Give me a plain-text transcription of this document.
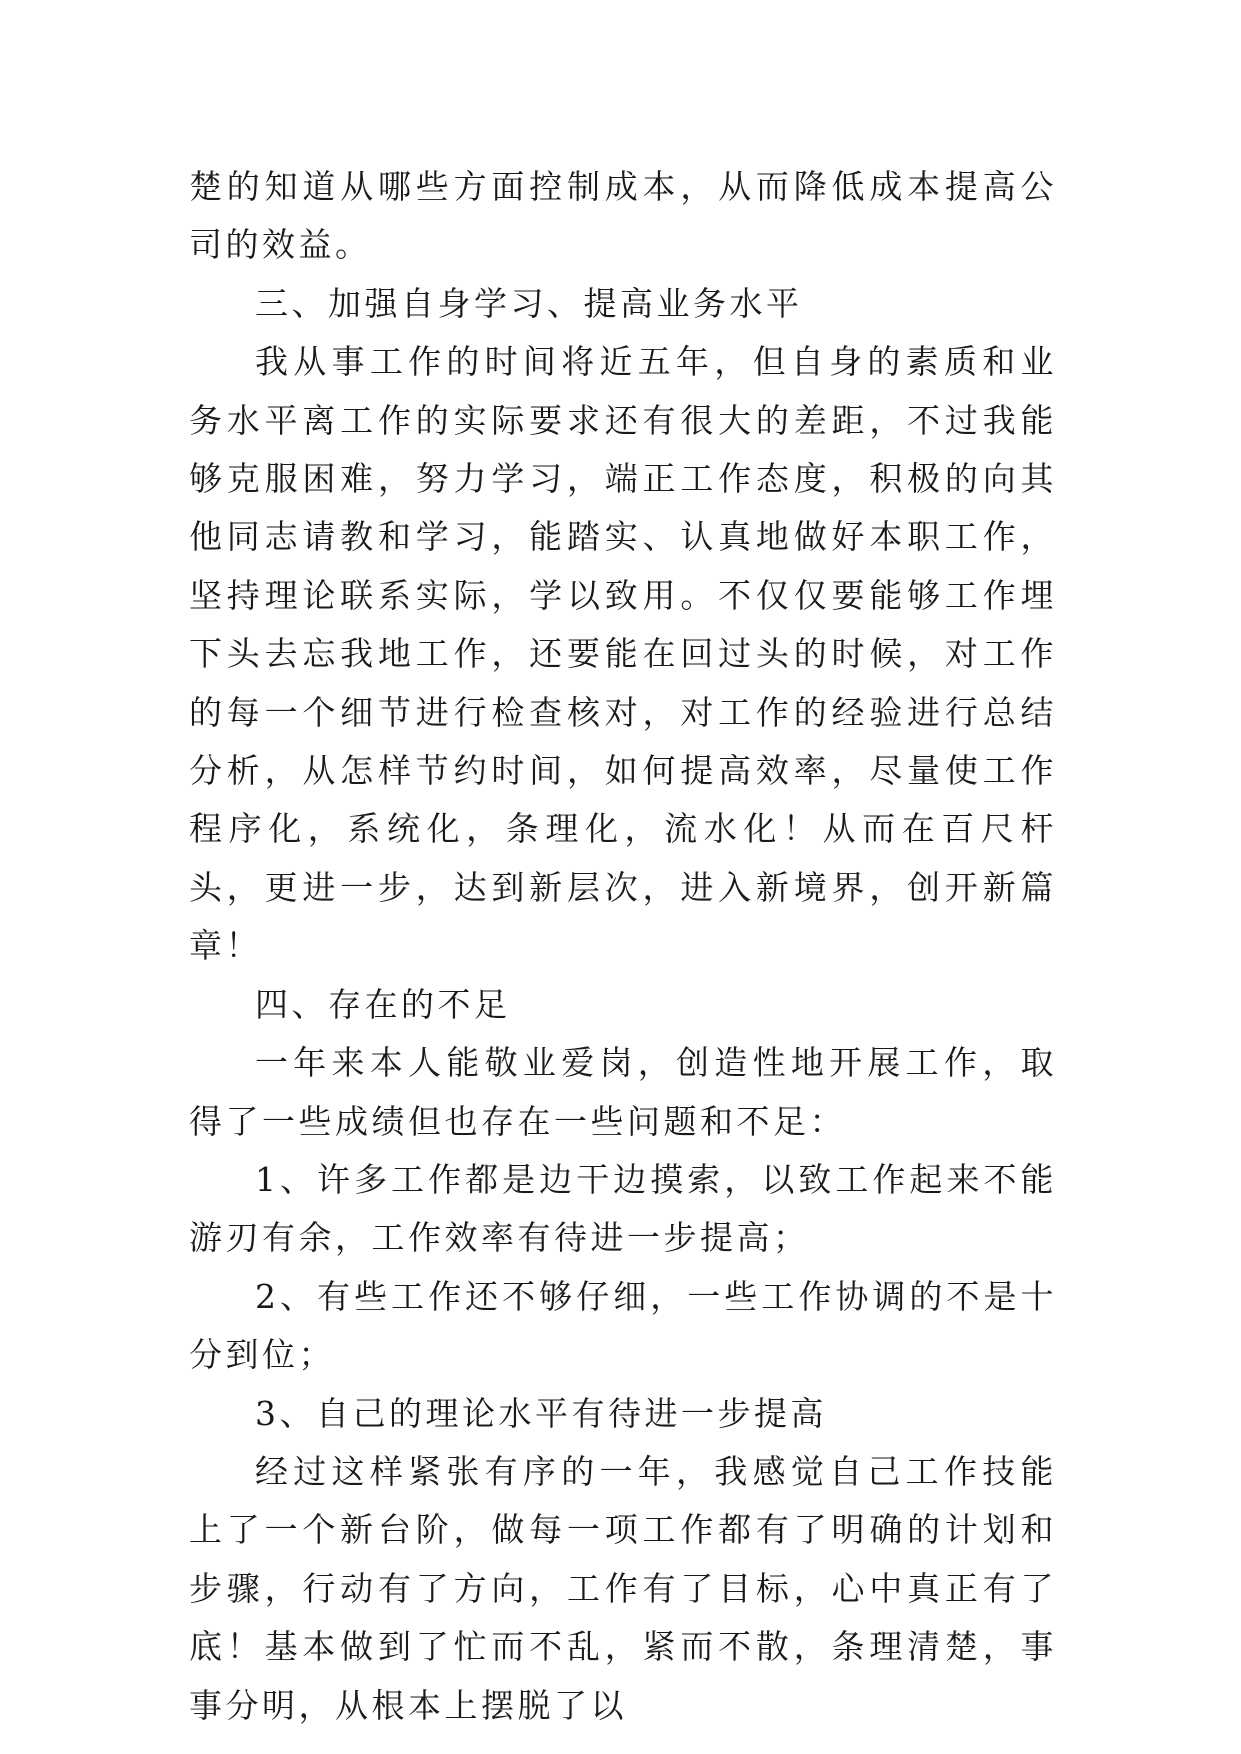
楚的知道从哪些方面控制成本，从而降低成本提高公司的效益。

三、加强自身学习、提高业务水平

我从事工作的时间将近五年，但自身的素质和业务水平离工作的实际要求还有很大的差距，不过我能够克服困难，努力学习，端正工作态度，积极的向其他同志请教和学习，能踏实、认真地做好本职工作，坚持理论联系实际，学以致用。不仅仅要能够工作埋下头去忘我地工作，还要能在回过头的时候，对工作的每一个细节进行检查核对，对工作的经验进行总结分析，从怎样节约时间，如何提高效率，尽量使工作程序化，系统化，条理化，流水化！从而在百尺杆头，更进一步，达到新层次，进入新境界，创开新篇章！

四、存在的不足

一年来本人能敬业爱岗，创造性地开展工作，取得了一些成绩但也存在一些问题和不足：

1、许多工作都是边干边摸索，以致工作起来不能游刃有余，工作效率有待进一步提高；

2、有些工作还不够仔细，一些工作协调的不是十分到位；

3、自己的理论水平有待进一步提高

经过这样紧张有序的一年，我感觉自己工作技能上了一个新台阶，做每一项工作都有了明确的计划和步骤，行动有了方向，工作有了目标，心中真正有了底！基本做到了忙而不乱，紧而不散，条理清楚，事事分明，从根本上摆脱了以
